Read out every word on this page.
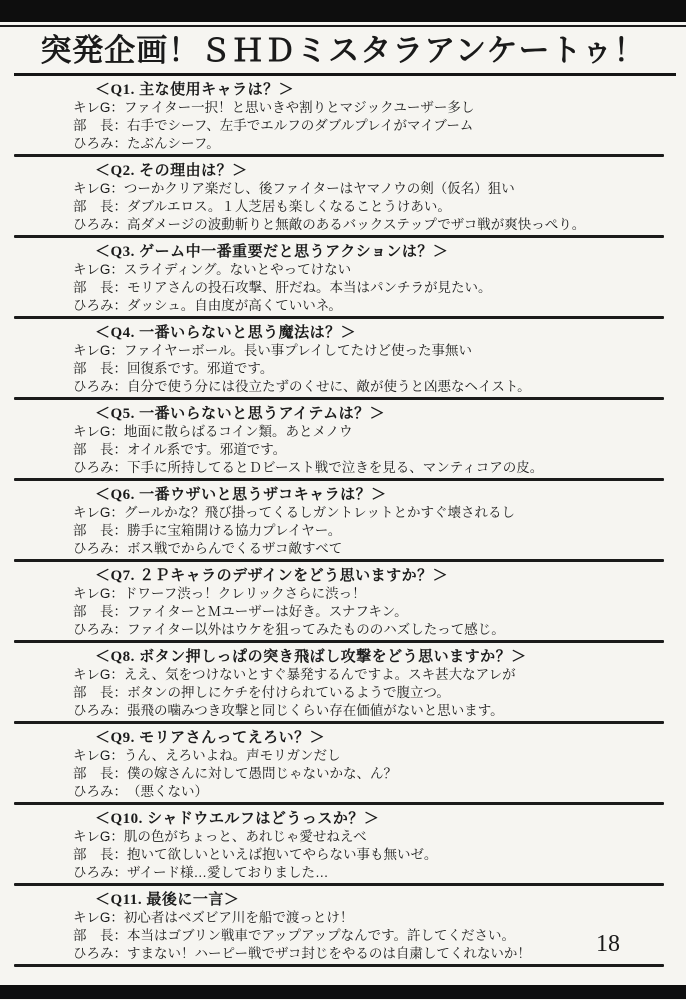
突発企画！ＳＨＤミスタラアンケートゥ！
＜Q1. 主な使用キャラは？＞

キレG： ファイター一択！と思いきや割りとマジックユーザー多し

部　長： 右手でシーフ、左手でエルフのダブルプレイがマイブーム

ひろみ： たぶんシーフ。

＜Q2. その理由は？＞

キレG： つーかクリア楽だし、後ファイターはヤマノウの剣（仮名）狙い

部　長： ダブルエロス。１人芝居も楽しくなることうけあい。

ひろみ： 高ダメージの波動斬りと無敵のあるバックステップでザコ戦が爽快っぺり。

＜Q3. ゲーム中一番重要だと思うアクションは？＞

キレG： スライディング。ないとやってけない

部　長： モリアさんの投石攻撃、肝だね。本当はパンチラが見たい。

ひろみ： ダッシュ。自由度が高くていいネ。

＜Q4. 一番いらないと思う魔法は？＞

キレG： ファイヤーボール。長い事プレイしてたけど使った事無い

部　長： 回復系です。邪道です。

ひろみ： 自分で使う分には役立たずのくせに、敵が使うと凶悪なヘイスト。

＜Q5. 一番いらないと思うアイテムは？＞

キレG： 地面に散らばるコイン類。あとメノウ

部　長： オイル系です。邪道です。

ひろみ： 下手に所持してるとＤビースト戦で泣きを見る、マンティコアの皮。

＜Q6. 一番ウザいと思うザコキャラは？＞

キレG： グールかな？飛び掛ってくるしガントレットとかすぐ壊されるし

部　長： 勝手に宝箱開ける協力プレイヤー。

ひろみ： ボス戦でからんでくるザコ敵すべて

＜Q7. ２Ｐキャラのデザインをどう思いますか？＞

キレG： ドワーフ渋っ！クレリックさらに渋っ！

部　長： ファイターとＭユーザーは好き。スナフキン。

ひろみ： ファイター以外はウケを狙ってみたもののハズしたって感じ。

＜Q8. ボタン押しっぱの突き飛ばし攻撃をどう思いますか？＞

キレG： ええ、気をつけないとすぐ暴発するんですよ。スキ甚大なアレが

部　長： ボタンの押しにケチを付けられているようで腹立つ。

ひろみ： 張飛の噛みつき攻撃と同じくらい存在価値がないと思います。

＜Q9. モリアさんってえろい？＞

キレG： うん、えろいよね。声モリガンだし

部　長： 僕の嫁さんに対して愚問じゃないかな、ん？

ひろみ： （悪くない）

＜Q10. シャドウエルフはどうっスか？＞

キレG： 肌の色がちょっと、あれじゃ愛せねえべ

部　長： 抱いて欲しいといえば抱いてやらない事も無いゼ。

ひろみ： ザイード様…愛しておりました…

＜Q11. 最後に一言＞

キレG： 初心者はベズビア川を船で渡っとけ！

部　長： 本当はゴブリン戦車でアップアップなんです。許してください。

ひろみ： すまない！ハーピー戦でザコ封じをやるのは自粛してくれないか！	18
